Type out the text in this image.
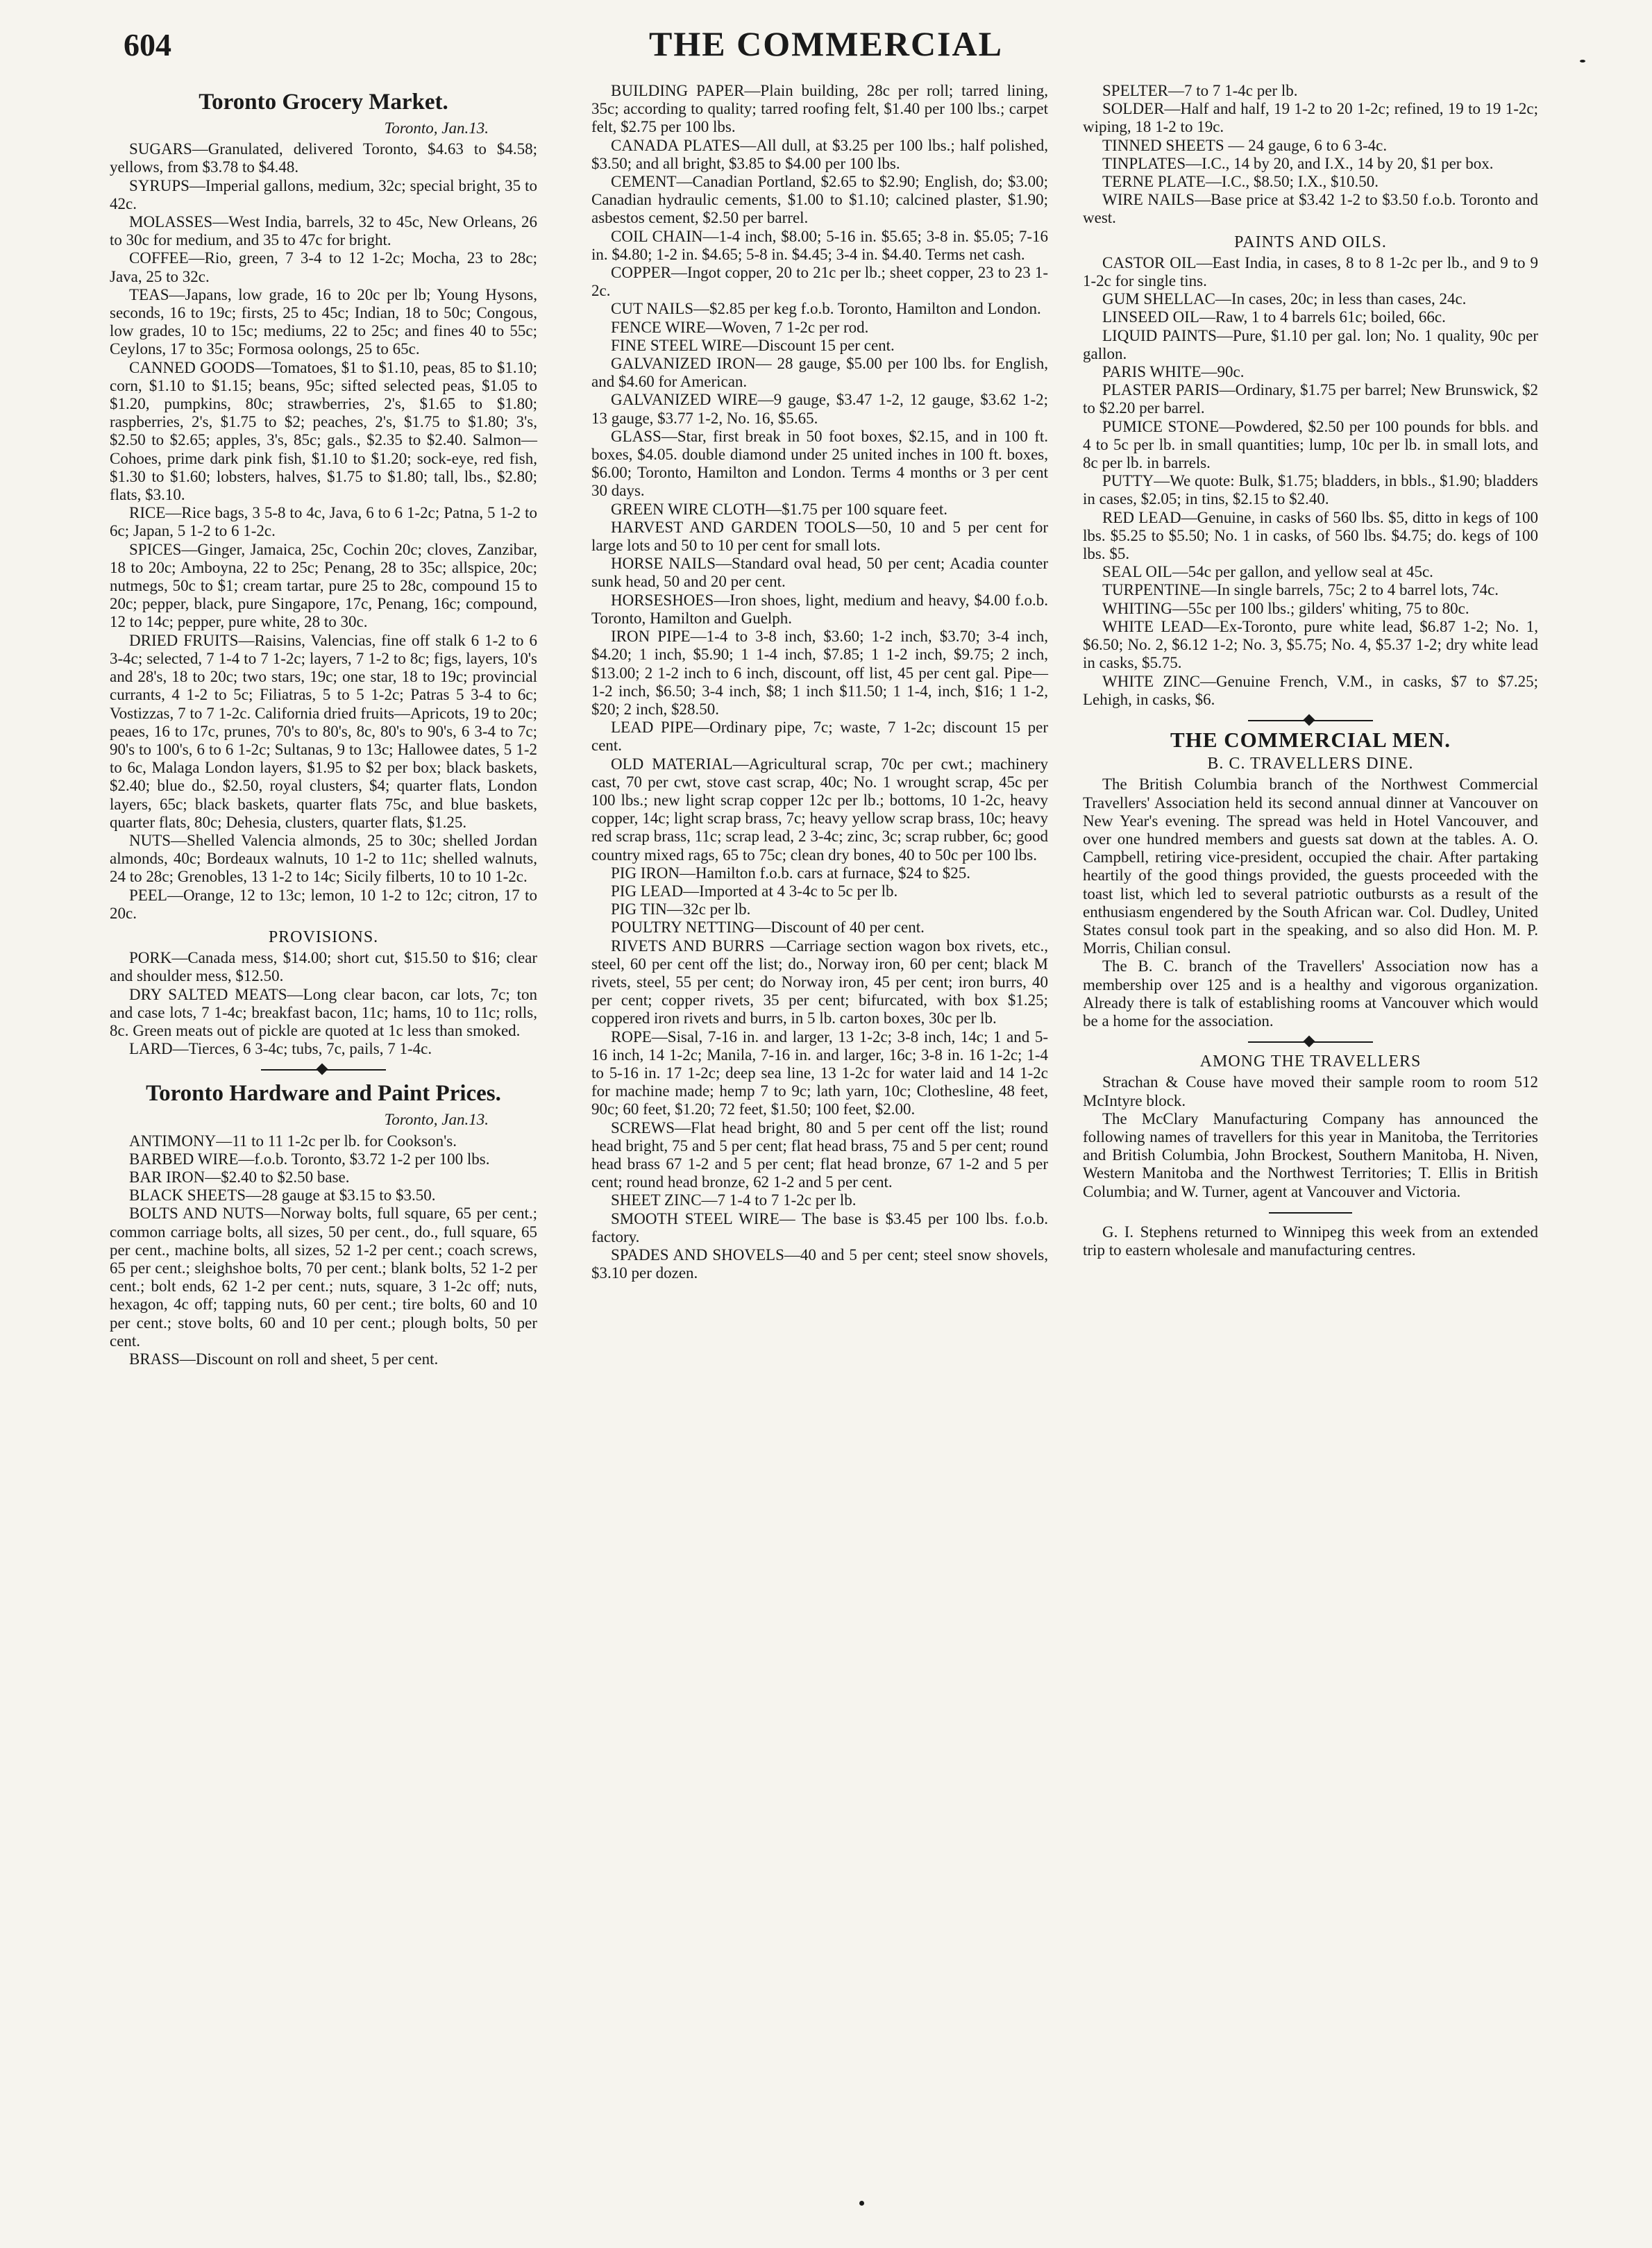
604	THE COMMERCIAL
Toronto Grocery Market.
Toronto, Jan.13.

SUGARS—Granulated, delivered Toronto, $4.63 to $4.58; yellows, from $3.78 to $4.48.

SYRUPS—Imperial gallons, medium, 32c; special bright, 35 to 42c.

MOLASSES—West India, barrels, 32 to 45c, New Orleans, 26 to 30c for medium, and 35 to 47c for bright.

COFFEE—Rio, green, 7 3-4 to 12 1-2c; Mocha, 23 to 28c; Java, 25 to 32c.

TEAS—Japans, low grade, 16 to 20c per lb; Young Hysons, seconds, 16 to 19c; firsts, 25 to 45c; Indian, 18 to 50c; Congous, low grades, 10 to 15c; mediums, 22 to 25c; and fines 40 to 55c; Ceylons, 17 to 35c; Formosa oolongs, 25 to 65c.

CANNED GOODS—Tomatoes, $1 to $1.10, peas, 85 to $1.10; corn, $1.10 to $1.15; beans, 95c; sifted selected peas, $1.05 to $1.20, pumpkins, 80c; strawberries, 2's, $1.65 to $1.80; raspberries, 2's, $1.75 to $2; peaches, 2's, $1.75 to $1.80; 3's, $2.50 to $2.65; apples, 3's, 85c; gals., $2.35 to $2.40. Salmon—Cohoes, prime dark pink fish, $1.10 to $1.20; sock-eye, red fish, $1.30 to $1.60; lobsters, halves, $1.75 to $1.80; tall, lbs., $2.80; flats, $3.10.

RICE—Rice bags, 3 5-8 to 4c, Java, 6 to 6 1-2c; Patna, 5 1-2 to 6c; Japan, 5 1-2 to 6 1-2c.

SPICES—Ginger, Jamaica, 25c, Cochin 20c; cloves, Zanzibar, 18 to 20c; Amboyna, 22 to 25c; Penang, 28 to 35c; allspice, 20c; nutmegs, 50c to $1; cream tartar, pure 25 to 28c, compound 15 to 20c; pepper, black, pure Singapore, 17c, Penang, 16c; compound, 12 to 14c; pepper, pure white, 28 to 30c.

DRIED FRUITS—Raisins, Valencias, fine off stalk 6 1-2 to 6 3-4c; selected, 7 1-4 to 7 1-2c; layers, 7 1-2 to 8c; figs, layers, 10's and 28's, 18 to 20c; two stars, 19c; one star, 18 to 19c; provincial currants, 4 1-2 to 5c; Filiatras, 5 to 5 1-2c; Patras 5 3-4 to 6c; Vostizzas, 7 to 7 1-2c. California dried fruits—Apricots, 19 to 20c; peaes, 16 to 17c, prunes, 70's to 80's, 8c, 80's to 90's, 6 3-4 to 7c; 90's to 100's, 6 to 6 1-2c; Sultanas, 9 to 13c; Hallowee dates, 5 1-2 to 6c, Malaga London layers, $1.95 to $2 per box; black baskets, $2.40; blue do., $2.50, royal clusters, $4; quarter flats, London layers, 65c; black baskets, quarter flats 75c, and blue baskets, quarter flats, 80c; Dehesia, clusters, quarter flats, $1.25.

NUTS—Shelled Valencia almonds, 25 to 30c; shelled Jordan almonds, 40c; Bordeaux walnuts, 10 1-2 to 11c; shelled walnuts, 24 to 28c; Grenobles, 13 1-2 to 14c; Sicily filberts, 10 to 10 1-2c.

PEEL—Orange, 12 to 13c; lemon, 10 1-2 to 12c; citron, 17 to 20c.

PROVISIONS.

PORK—Canada mess, $14.00; short cut, $15.50 to $16; clear and shoulder mess, $12.50.

DRY SALTED MEATS—Long clear bacon, car lots, 7c; ton and case lots, 7 1-4c; breakfast bacon, 11c; hams, 10 to 11c; rolls, 8c. Green meats out of pickle are quoted at 1c less than smoked.

LARD—Tierces, 6 3-4c; tubs, 7c, pails, 7 1-4c.

Toronto Hardware and Paint Prices.
Toronto, Jan.13.

ANTIMONY—11 to 11 1-2c per lb. for Cookson's.

BARBED WIRE—f.o.b. Toronto, $3.72 1-2 per 100 lbs.

BAR IRON—$2.40 to $2.50 base.

BLACK SHEETS—28 gauge at $3.15 to $3.50.

BOLTS AND NUTS—Norway bolts, full square, 65 per cent.; common carriage bolts, all sizes, 50 per cent., do., full square, 65 per cent., machine bolts, all sizes, 52 1-2 per cent.; coach screws, 65 per cent.; sleighshoe bolts, 70 per cent.; blank bolts, 52 1-2 per cent.; bolt ends, 62 1-2 per cent.; nuts, square, 3 1-2c off; nuts, hexagon, 4c off; tapping nuts, 60 per cent.; tire bolts, 60 and 10 per cent.; stove bolts, 60 and 10 per cent.; plough bolts, 50 per cent.

BRASS—Discount on roll and sheet, 5 per cent.

BUILDING PAPER—Plain building, 28c per roll; tarred lining, 35c; according to quality; tarred roofing felt, $1.40 per 100 lbs.; carpet felt, $2.75 per 100 lbs.

CANADA PLATES—All dull, at $3.25 per 100 lbs.; half polished, $3.50; and all bright, $3.85 to $4.00 per 100 lbs.

CEMENT—Canadian Portland, $2.65 to $2.90; English, do; $3.00; Canadian hydraulic cements, $1.00 to $1.10; calcined plaster, $1.90; asbestos cement, $2.50 per barrel.

COIL CHAIN—1-4 inch, $8.00; 5-16 in. $5.65; 3-8 in. $5.05; 7-16 in. $4.80; 1-2 in. $4.65; 5-8 in. $4.45; 3-4 in. $4.40. Terms net cash.

COPPER—Ingot copper, 20 to 21c per lb.; sheet copper, 23 to 23 1-2c.

CUT NAILS—$2.85 per keg f.o.b. Toronto, Hamilton and London.

FENCE WIRE—Woven, 7 1-2c per rod.

FINE STEEL WIRE—Discount 15 per cent.

GALVANIZED IRON— 28 gauge, $5.00 per 100 lbs. for English, and $4.60 for American.

GALVANIZED WIRE—9 gauge, $3.47 1-2, 12 gauge, $3.62 1-2; 13 gauge, $3.77 1-2, No. 16, $5.65.

GLASS—Star, first break in 50 foot boxes, $2.15, and in 100 ft. boxes, $4.05. double diamond under 25 united inches in 100 ft. boxes, $6.00; Toronto, Hamilton and London. Terms 4 months or 3 per cent 30 days.

GREEN WIRE CLOTH—$1.75 per 100 square feet.

HARVEST AND GARDEN TOOLS—50, 10 and 5 per cent for large lots and 50 to 10 per cent for small lots.

HORSE NAILS—Standard oval head, 50 per cent; Acadia counter sunk head, 50 and 20 per cent.

HORSESHOES—Iron shoes, light, medium and heavy, $4.00 f.o.b. Toronto, Hamilton and Guelph.

IRON PIPE—1-4 to 3-8 inch, $3.60; 1-2 inch, $3.70; 3-4 inch, $4.20; 1 inch, $5.90; 1 1-4 inch, $7.85; 1 1-2 inch, $9.75; 2 inch, $13.00; 2 1-2 inch to 6 inch, discount, off list, 45 per cent gal. Pipe—1-2 inch, $6.50; 3-4 inch, $8; 1 inch $11.50; 1 1-4, inch, $16; 1 1-2, $20; 2 inch, $28.50.

LEAD PIPE—Ordinary pipe, 7c; waste, 7 1-2c; discount 15 per cent.

OLD MATERIAL—Agricultural scrap, 70c per cwt.; machinery cast, 70 per cwt, stove cast scrap, 40c; No. 1 wrought scrap, 45c per 100 lbs.; new light scrap copper 12c per lb.; bottoms, 10 1-2c, heavy copper, 14c; light scrap brass, 7c; heavy yellow scrap brass, 10c; heavy red scrap brass, 11c; scrap lead, 2 3-4c; zinc, 3c; scrap rubber, 6c; good country mixed rags, 65 to 75c; clean dry bones, 40 to 50c per 100 lbs.

PIG IRON—Hamilton f.o.b. cars at furnace, $24 to $25.

PIG LEAD—Imported at 4 3-4c to 5c per lb.

PIG TIN—32c per lb.

POULTRY NETTING—Discount of 40 per cent.

RIVETS AND BURRS —Carriage section wagon box rivets, etc., steel, 60 per cent off the list; do., Norway iron, 60 per cent; black M rivets, steel, 55 per cent; do Norway iron, 45 per cent; iron burrs, 40 per cent; copper rivets, 35 per cent; bifurcated, with box $1.25; coppered iron rivets and burrs, in 5 lb. carton boxes, 30c per lb.

ROPE—Sisal, 7-16 in. and larger, 13 1-2c; 3-8 inch, 14c; 1 and 5-16 inch, 14 1-2c; Manila, 7-16 in. and larger, 16c; 3-8 in. 16 1-2c; 1-4 to 5-16 in. 17 1-2c; deep sea line, 13 1-2c for water laid and 14 1-2c for machine made; hemp 7 to 9c; lath yarn, 10c; Clothesline, 48 feet, 90c; 60 feet, $1.20; 72 feet, $1.50; 100 feet, $2.00.

SCREWS—Flat head bright, 80 and 5 per cent off the list; round head bright, 75 and 5 per cent; flat head brass, 75 and 5 per cent; round head brass 67 1-2 and 5 per cent; flat head bronze, 67 1-2 and 5 per cent; round head bronze, 62 1-2 and 5 per cent.

SHEET ZINC—7 1-4 to 7 1-2c per lb.

SMOOTH STEEL WIRE— The base is $3.45 per 100 lbs. f.o.b. factory.

SPADES AND SHOVELS—40 and 5 per cent; steel snow shovels, $3.10 per dozen.

SPELTER—7 to 7 1-4c per lb.

SOLDER—Half and half, 19 1-2 to 20 1-2c; refined, 19 to 19 1-2c; wiping, 18 1-2 to 19c.

TINNED SHEETS — 24 gauge, 6 to 6 3-4c.

TINPLATES—I.C., 14 by 20, and I.X., 14 by 20, $1 per box.

TERNE PLATE—I.C., $8.50; I.X., $10.50.

WIRE NAILS—Base price at $3.42 1-2 to $3.50 f.o.b. Toronto and west.

PAINTS AND OILS.

CASTOR OIL—East India, in cases, 8 to 8 1-2c per lb., and 9 to 9 1-2c for single tins.

GUM SHELLAC—In cases, 20c; in less than cases, 24c.

LINSEED OIL—Raw, 1 to 4 barrels 61c; boiled, 66c.

LIQUID PAINTS—Pure, $1.10 per gal. lon; No. 1 quality, 90c per gallon.

PARIS WHITE—90c.

PLASTER PARIS—Ordinary, $1.75 per barrel; New Brunswick, $2 to $2.20 per barrel.

PUMICE STONE—Powdered, $2.50 per 100 pounds for bbls. and 4 to 5c per lb. in small quantities; lump, 10c per lb. in small lots, and 8c per lb. in barrels.

PUTTY—We quote: Bulk, $1.75; bladders, in bbls., $1.90; bladders in cases, $2.05; in tins, $2.15 to $2.40.

RED LEAD—Genuine, in casks of 560 lbs. $5, ditto in kegs of 100 lbs. $5.25 to $5.50; No. 1 in casks, of 560 lbs. $4.75; do. kegs of 100 lbs. $5.

SEAL OIL—54c per gallon, and yellow seal at 45c.

TURPENTINE—In single barrels, 75c; 2 to 4 barrel lots, 74c.

WHITING—55c per 100 lbs.; gilders' whiting, 75 to 80c.

WHITE LEAD—Ex-Toronto, pure white lead, $6.87 1-2; No. 1, $6.50; No. 2, $6.12 1-2; No. 3, $5.75; No. 4, $5.37 1-2; dry white lead in casks, $5.75.

WHITE ZINC—Genuine French, V.M., in casks, $7 to $7.25; Lehigh, in casks, $6.

THE COMMERCIAL MEN.
B. C. TRAVELLERS DINE.

The British Columbia branch of the Northwest Commercial Travellers' Association held its second annual dinner at Vancouver on New Year's evening. The spread was held in Hotel Vancouver, and over one hundred members and guests sat down at the tables. A. O. Campbell, retiring vice-president, occupied the chair. After partaking heartily of the good things provided, the guests proceeded with the toast list, which led to several patriotic outbursts as a result of the enthusiasm engendered by the South African war. Col. Dudley, United States consul took part in the speaking, and so also did Hon. M. P. Morris, Chilian consul.

The B. C. branch of the Travellers' Association now has a membership over 125 and is a healthy and vigorous organization. Already there is talk of establishing rooms at Vancouver which would be a home for the association.

AMONG THE TRAVELLERS

Strachan & Couse have moved their sample room to room 512 McIntyre block.

The McClary Manufacturing Company has announced the following names of travellers for this year in Manitoba, the Territories and British Columbia, John Brockest, Southern Manitoba, H. Niven, Western Manitoba and the Northwest Territories; T. Ellis in British Columbia; and W. Turner, agent at Vancouver and Victoria.

G. I. Stephens returned to Winnipeg this week from an extended trip to eastern wholesale and manufacturing centres.
